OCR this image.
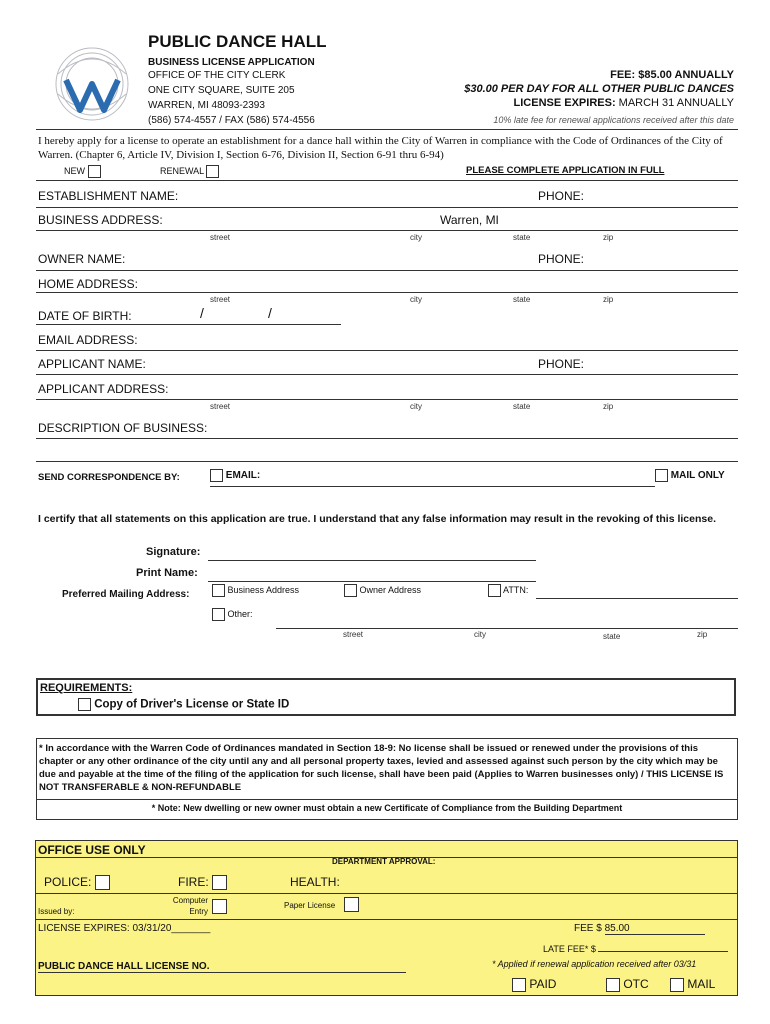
PUBLIC DANCE HALL
BUSINESS LICENSE APPLICATION
OFFICE OF THE CITY CLERK
ONE CITY SQUARE, SUITE 205
WARREN, MI 48093-2393
(586) 574-4557 / FAX (586) 574-4556
FEE: $85.00 ANNUALLY
$30.00 PER DAY FOR ALL OTHER PUBLIC DANCES
LICENSE EXPIRES: MARCH 31 ANNUALLY
10% late fee for renewal applications received after this date
I hereby apply for a license to operate an establishment for a dance hall within the City of Warren in compliance with the Code of Ordinances of the City of Warren. (Chapter 6, Article IV, Division I, Section 6-76, Division II, Section 6-91 thru 6-94)
NEW	RENEWAL	PLEASE COMPLETE APPLICATION IN FULL
ESTABLISHMENT NAME:	PHONE:
BUSINESS ADDRESS:	Warren, MI
street	city	state	zip
OWNER NAME:	PHONE:
HOME ADDRESS:
street	city	state	zip
DATE OF BIRTH:	/	/
EMAIL ADDRESS:
APPLICANT NAME:	PHONE:
APPLICANT ADDRESS:
street	city	state	zip
DESCRIPTION OF BUSINESS:
SEND CORRESPONDENCE BY:	EMAIL:	MAIL ONLY
I certify that all statements on this application are true. I understand that any false information may result in the revoking of this license.
Signature:
Print Name:
Preferred Mailing Address:	Business Address	Owner Address	ATTN:
Other:
street	city	state	zip
REQUIREMENTS:
Copy of Driver's License or State ID
* In accordance with the Warren Code of Ordinances mandated in Section 18-9: No license shall be issued or renewed under the provisions of this chapter or any other ordinance of the city until any and all personal property taxes, levied and assessed against such person by the city which may be due and payable at the time of the filing of the application for such license, shall have been paid (Applies to Warren businesses only) / THIS LICENSE IS NOT TRANSFERABLE & NON-REFUNDABLE
* Note: New dwelling or new owner must obtain a new Certificate of Compliance from the Building Department
OFFICE USE ONLY
DEPARTMENT APPROVAL:
POLICE:	FIRE:	HEALTH:
Issued by:
Computer
Entry
Paper License
LICENSE EXPIRES: 03/31/20_______	FEE $ 85.00
LATE FEE* $
* Applied if renewal application received after 03/31
PUBLIC DANCE HALL LICENSE NO.
PAID	OTC	MAIL
